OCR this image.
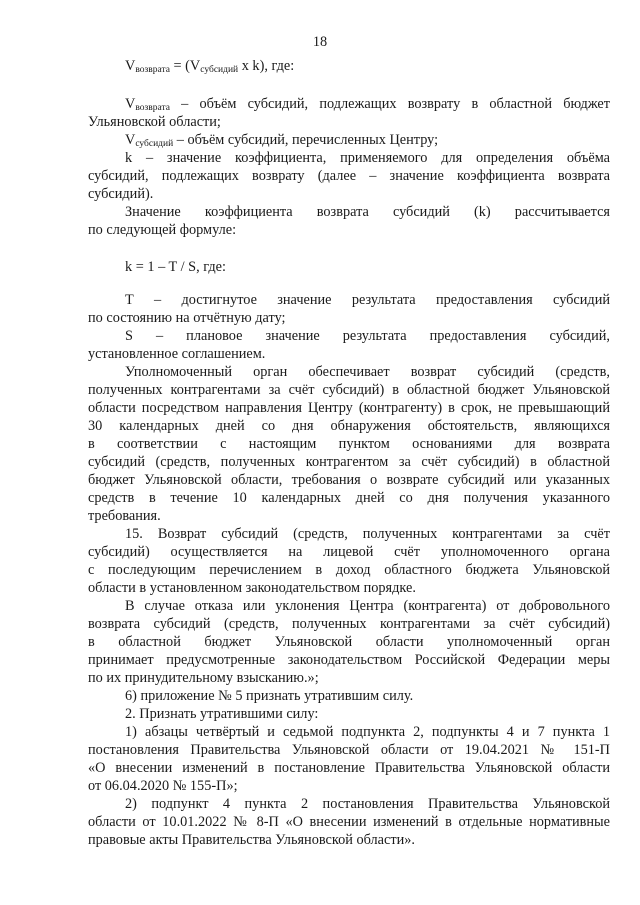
18
$V_{возврата} = (V_{субсидий}$ x k), где:
$V_{возврата}$ – объём субсидий, подлежащих возврату в областной бюджет
Ульяновской области;
$V_{субсидий}$ – объём субсидий, перечисленных Центру;
k – значение коэффициента, применяемого для определения объёма
субсидий, подлежащих возврату (далее – значение коэффициента возврата
субсидий).
Значение коэффициента возврата субсидий (k) рассчитывается
по следующей формуле:
k = 1 – T / S, где:
Т – достигнутое значение результата предоставления субсидий
по состоянию на отчётную дату;
S – плановое значение результата предоставления субсидий,
установленное соглашением.
Уполномоченный орган обеспечивает возврат субсидий (средств,
полученных контрагентами за счёт субсидий) в областной бюджет Ульяновской
области посредством направления Центру (контрагенту) в срок, не превышающий
30 календарных дней со дня обнаружения обстоятельств, являющихся
в соответствии с настоящим пунктом основаниями для возврата
субсидий (средств, полученных контрагентом за счёт субсидий) в областной
бюджет Ульяновской области, требования о возврате субсидий или указанных
средств в течение 10 календарных дней со дня получения указанного
требования.
15. Возврат субсидий (средств, полученных контрагентами за счёт
субсидий) осуществляется на лицевой счёт уполномоченного органа
с последующим перечислением в доход областного бюджета Ульяновской
области в установленном законодательством порядке.
В случае отказа или уклонения Центра (контрагента) от добровольного
возврата субсидий (средств, полученных контрагентами за счёт субсидий)
в областной бюджет Ульяновской области уполномоченный орган
принимает предусмотренные законодательством Российской Федерации меры
по их принудительному взысканию.»;
6) приложение № 5 признать утратившим силу.
2. Признать утратившими силу:
1) абзацы четвёртый и седьмой подпункта 2, подпункты 4 и 7 пункта 1
постановления Правительства Ульяновской области от 19.04.2021 № 151-П
«О внесении изменений в постановление Правительства Ульяновской области
от 06.04.2020 № 155-П»;
2) подпункт 4 пункта 2 постановления Правительства Ульяновской
области от 10.01.2022 № 8-П «О внесении изменений в отдельные нормативные
правовые акты Правительства Ульяновской области».
